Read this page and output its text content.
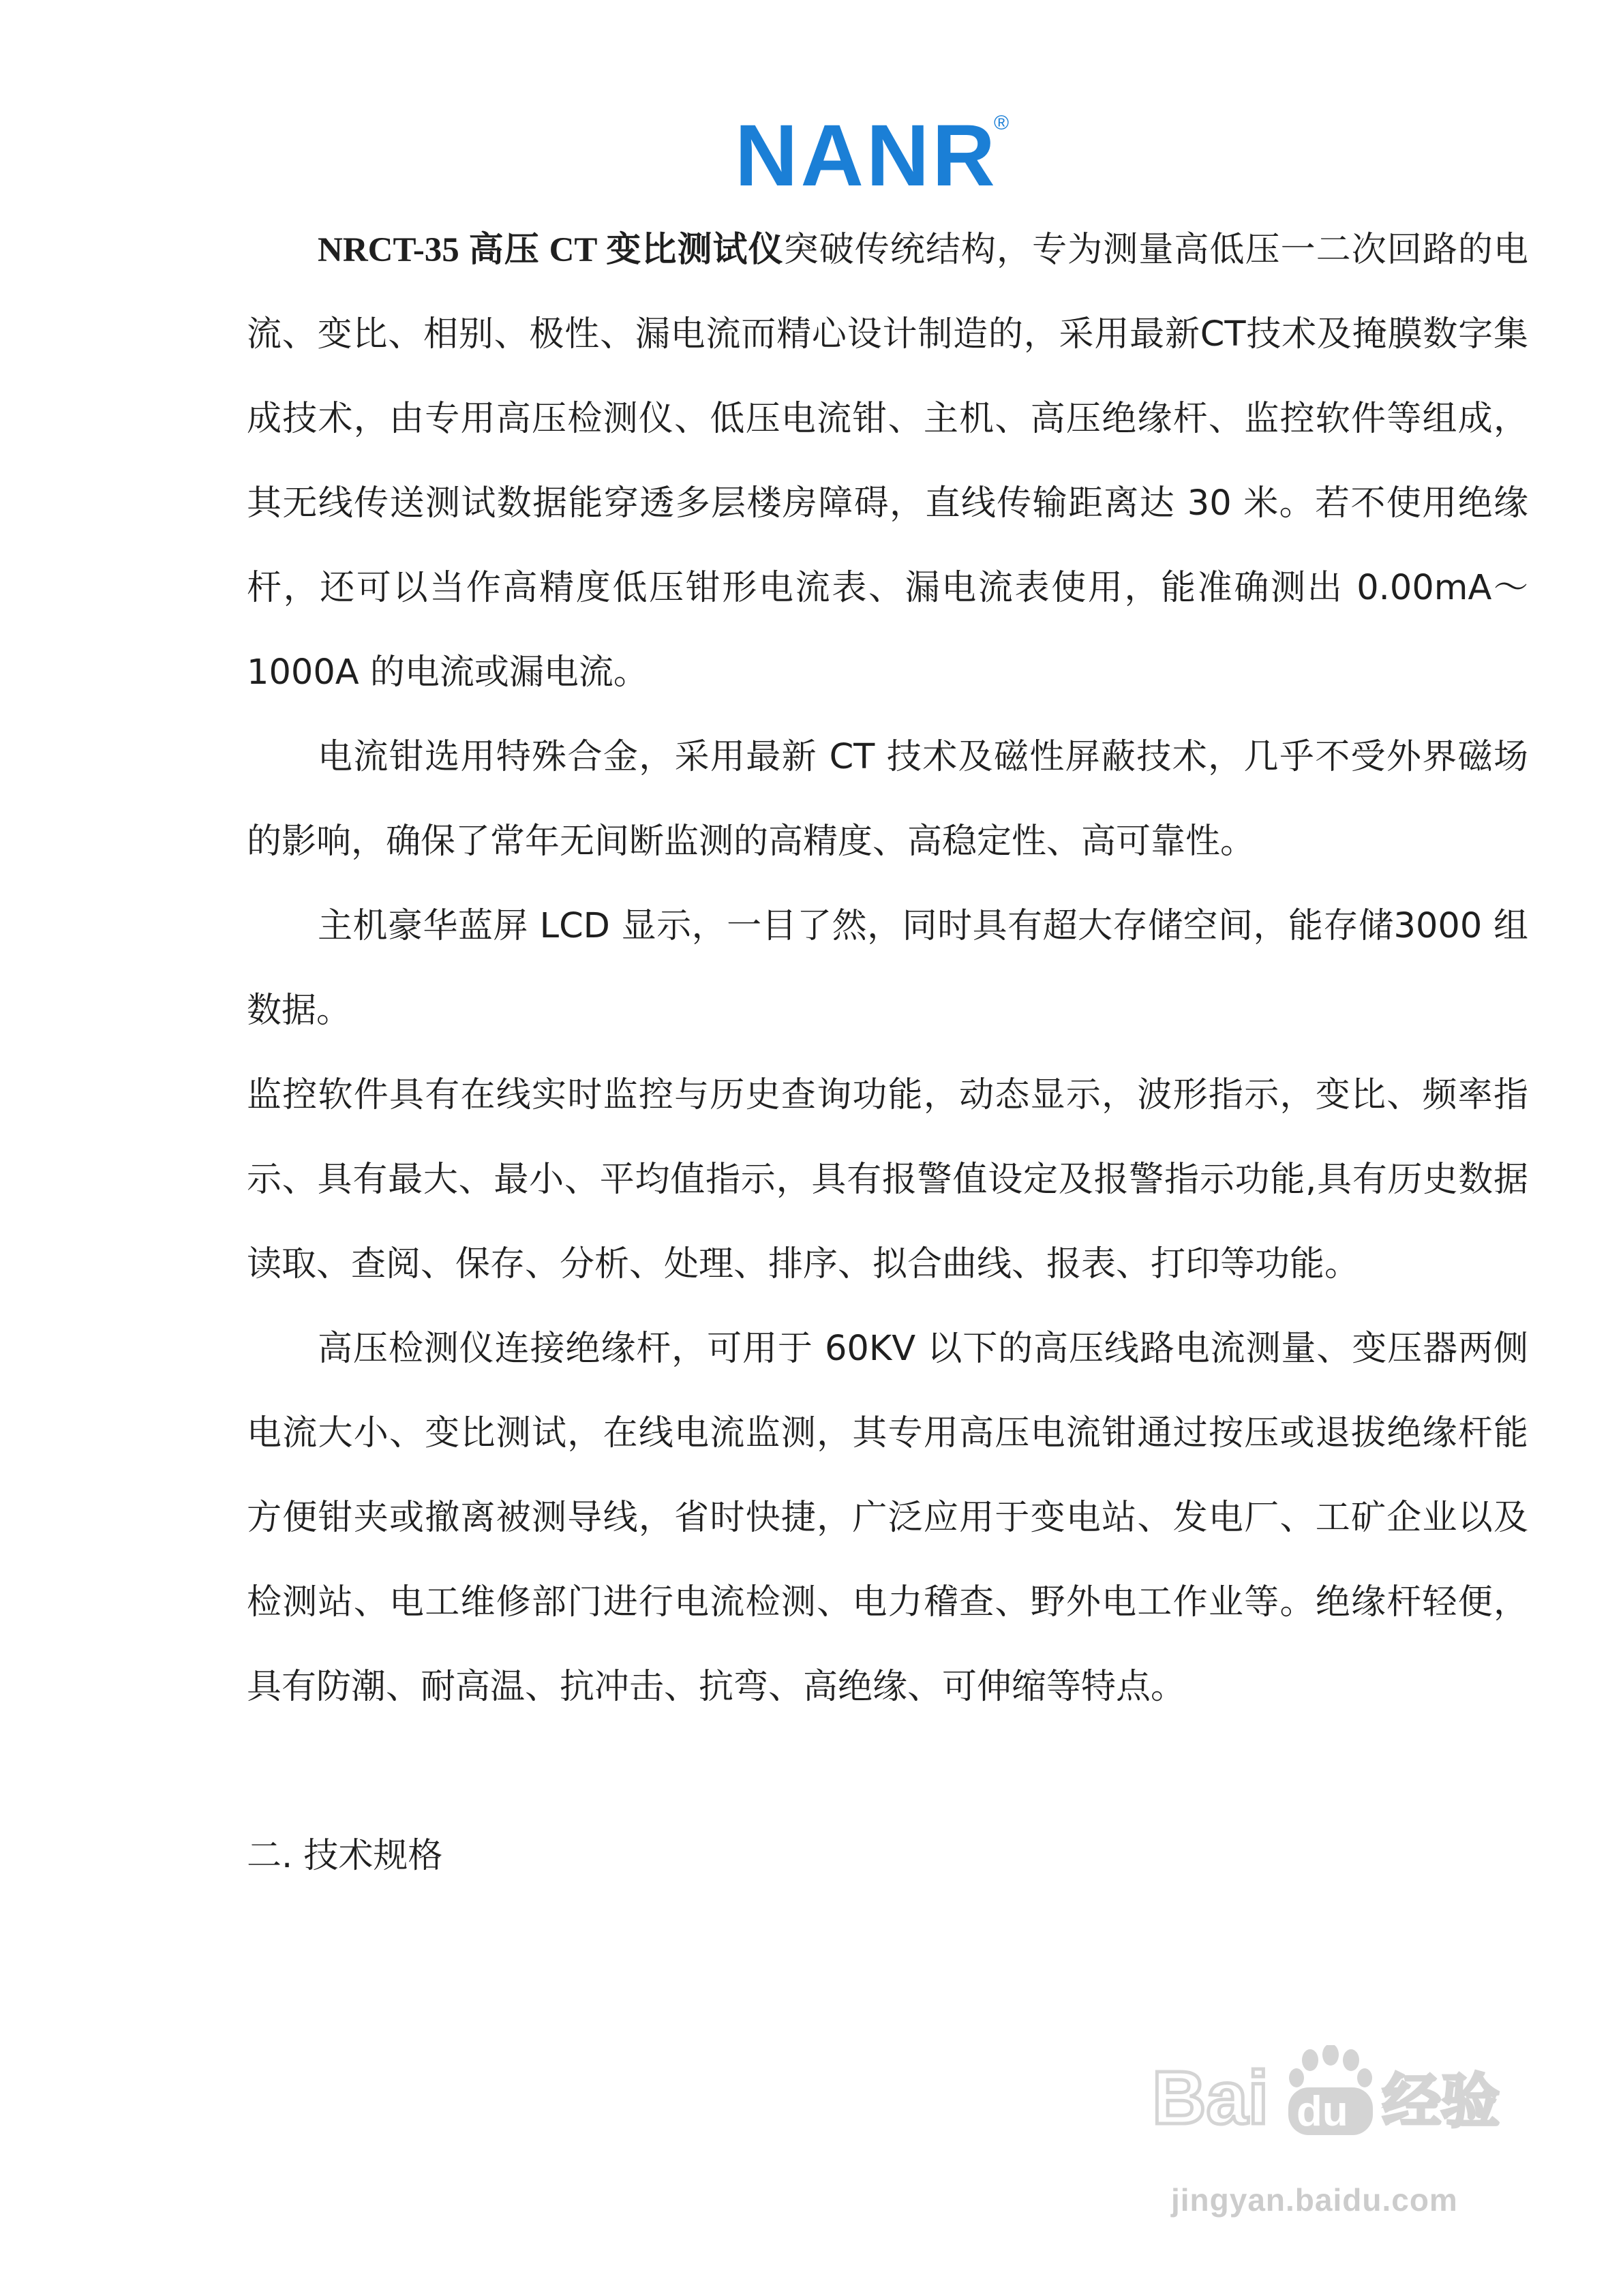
NANR
®

NRCT-35 高压 CT 变比测试仪突破传统结构，专为测量高低压一二次回路的电流、变比、相别、极性、漏电流而精心设计制造的，采用最新CT技术及掩膜数字集成技术，由专用高压检测仪、低压电流钳、主机、高压绝缘杆、监控软件等组成，其无线传送测试数据能穿透多层楼房障碍，直线传输距离达 30 米。若不使用绝缘杆，还可以当作高精度低压钳形电流表、漏电流表使用，能准确测出 0.00mA～1000A 的电流或漏电流。

电流钳选用特殊合金，采用最新 CT 技术及磁性屏蔽技术，几乎不受外界磁场的影响，确保了常年无间断监测的高精度、高稳定性、高可靠性。

主机豪华蓝屏 LCD 显示，一目了然，同时具有超大存储空间，能存储3000 组数据。

监控软件具有在线实时监控与历史查询功能，动态显示，波形指示，变比、频率指示、具有最大、最小、平均值指示，具有报警值设定及报警指示功能,具有历史数据读取、查阅、保存、分析、处理、排序、拟合曲线、报表、打印等功能。

高压检测仪连接绝缘杆，可用于 60KV 以下的高压线路电流测量、变压器两侧电流大小、变比测试，在线电流监测，其专用高压电流钳通过按压或退拔绝缘杆能方便钳夹或撤离被测导线，省时快捷，广泛应用于变电站、发电厂、工矿企业以及检测站、电工维修部门进行电流检测、电力稽查、野外电工作业等。绝缘杆轻便，具有防潮、耐高温、抗冲击、抗弯、高绝缘、可伸缩等特点。

二. 技术规格
Bai du 经验
jingyan.baidu.com
